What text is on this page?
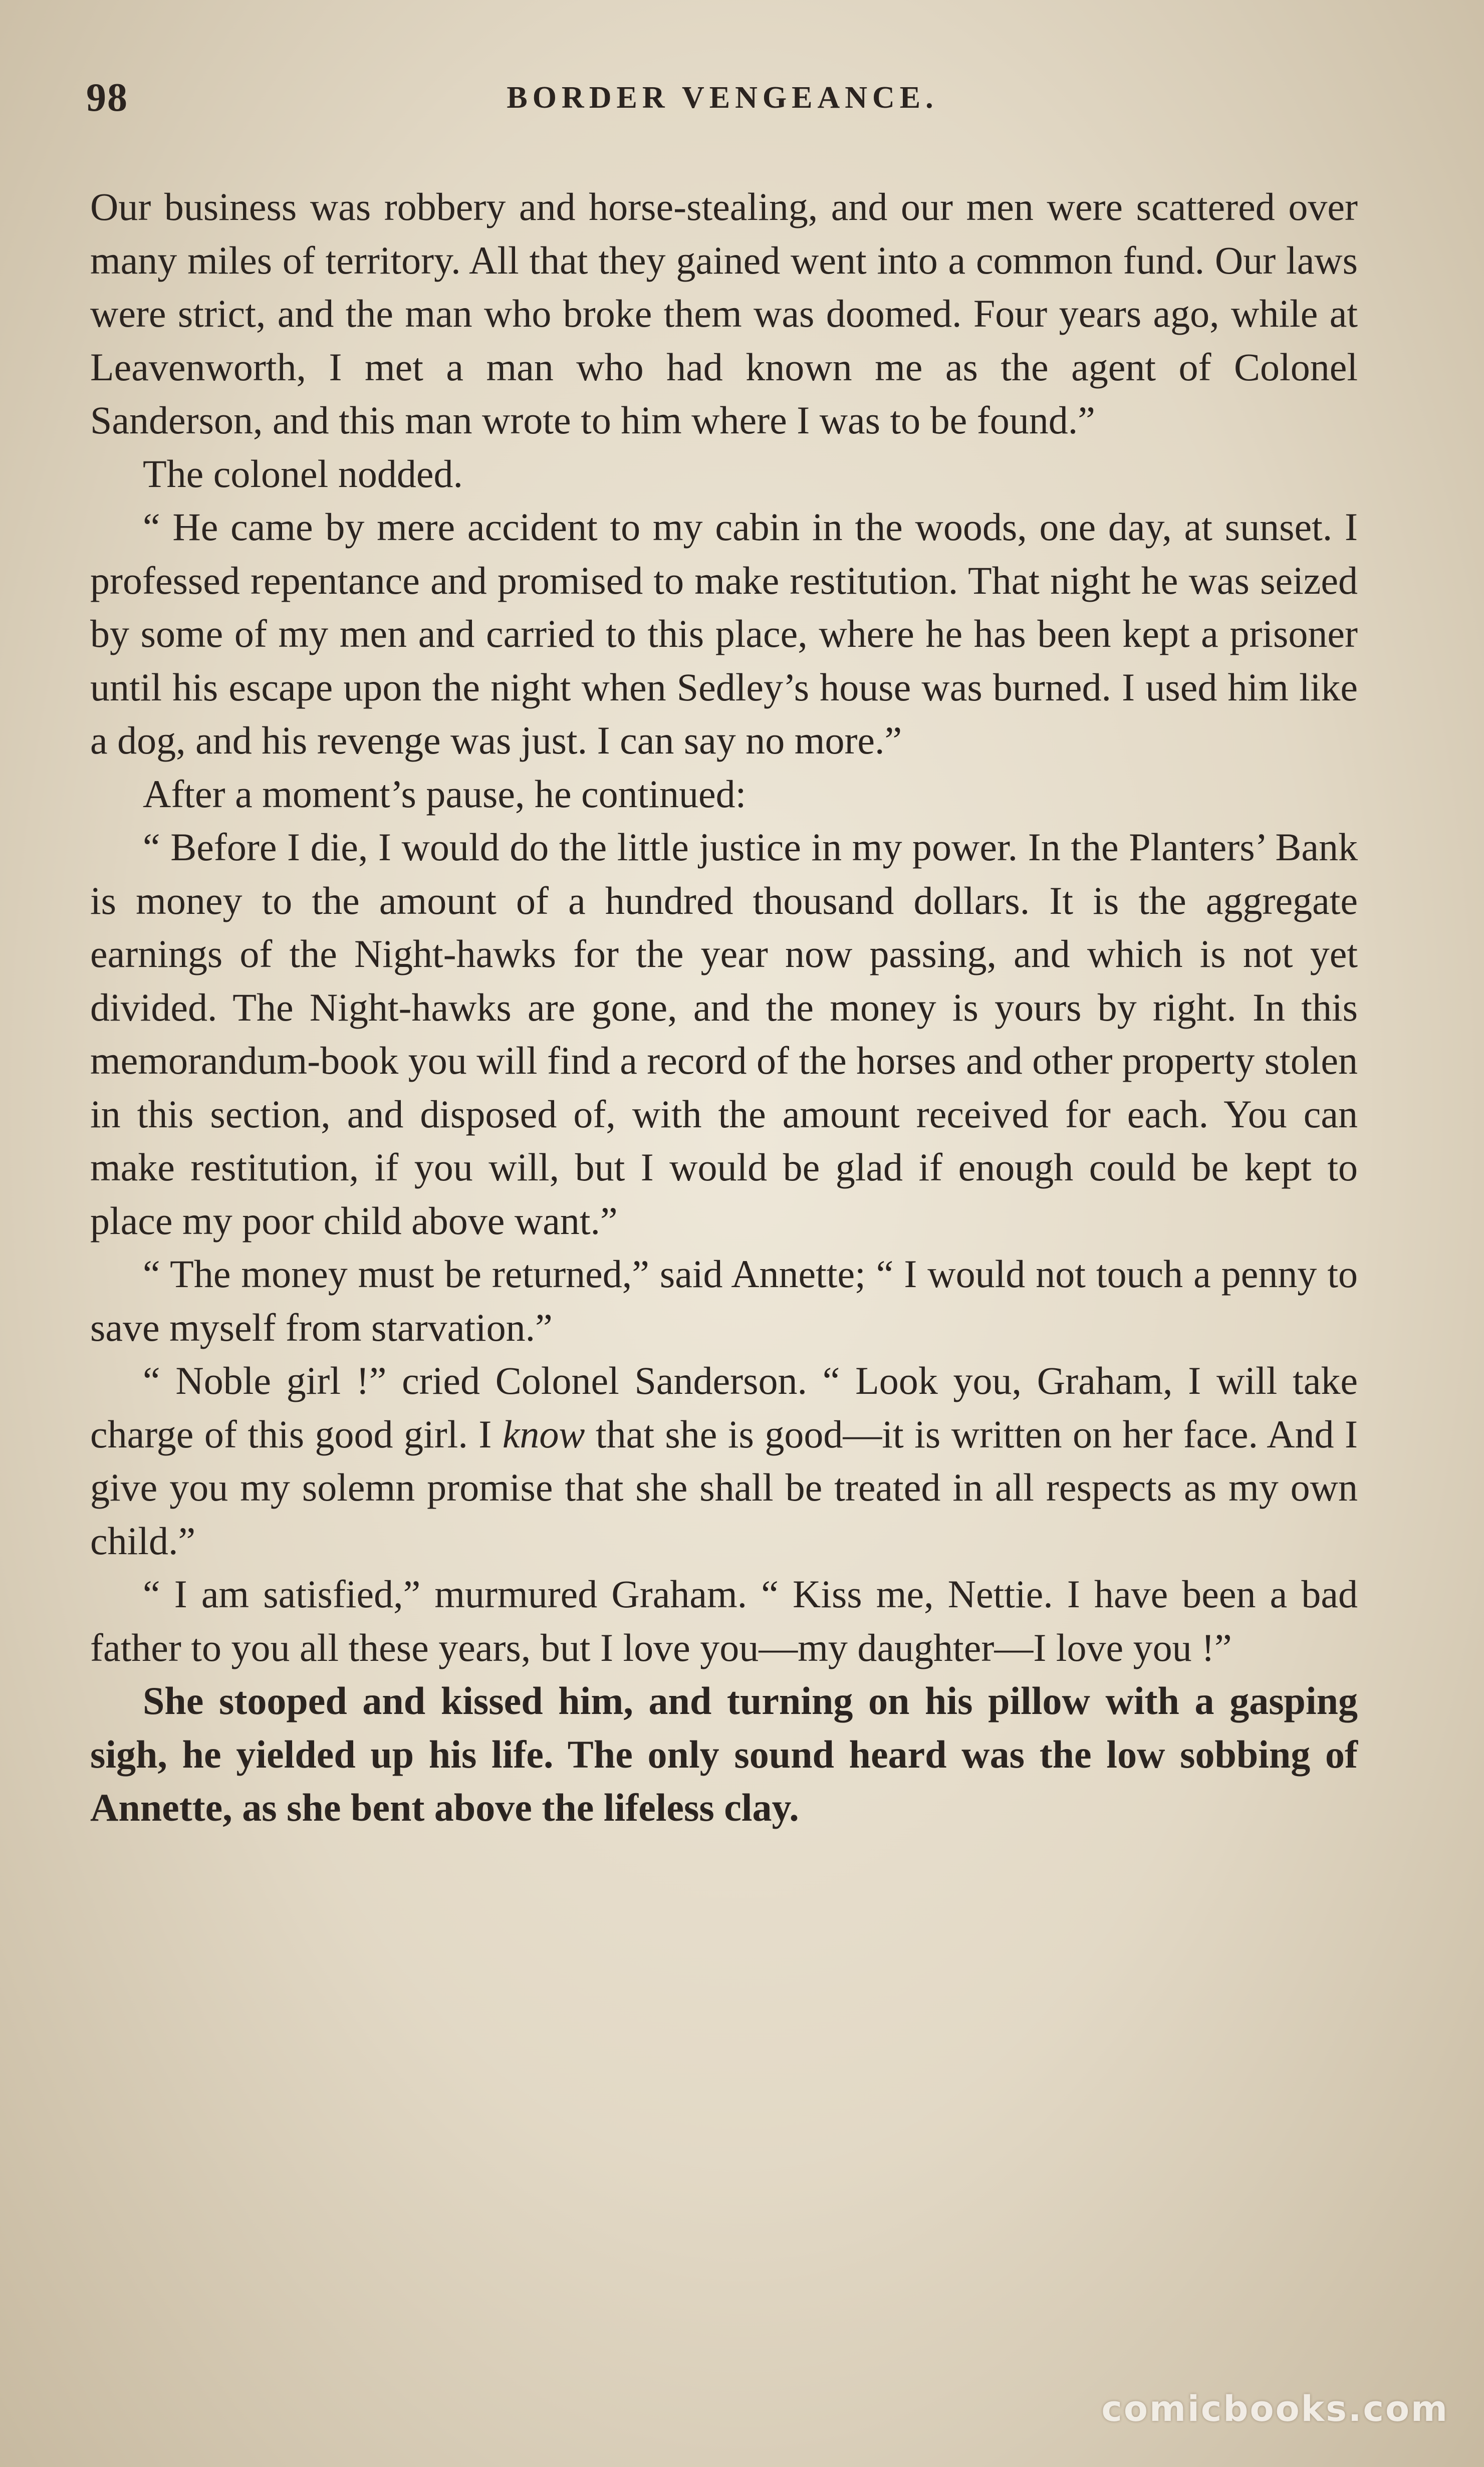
98	BORDER VENGEANCE.

Our business was robbery and horse-stealing, and our men were scattered over many miles of territory. All that they gained went into a common fund. Our laws were strict, and the man who broke them was doomed. Four years ago, while at Leavenworth, I met a man who had known me as the agent of Colonel Sanderson, and this man wrote to him where I was to be found.”

The colonel nodded.

“ He came by mere accident to my cabin in the woods, one day, at sunset. I professed repentance and promised to make restitution. That night he was seized by some of my men and carried to this place, where he has been kept a prisoner until his escape upon the night when Sedley’s house was burned. I used him like a dog, and his revenge was just. I can say no more.”

After a moment’s pause, he continued:

“ Before I die, I would do the little justice in my power. In the Planters’ Bank is money to the amount of a hundred thousand dollars. It is the aggregate earnings of the Night-hawks for the year now passing, and which is not yet divided. The Night-hawks are gone, and the money is yours by right. In this memorandum-book you will find a record of the horses and other property stolen in this section, and disposed of, with the amount received for each. You can make restitution, if you will, but I would be glad if enough could be kept to place my poor child above want.”

“ The money must be returned,” said Annette; “ I would not touch a penny to save myself from starvation.”

“ Noble girl !” cried Colonel Sanderson. “ Look you, Graham, I will take charge of this good girl. I know that she is good—it is written on her face. And I give you my solemn promise that she shall be treated in all respects as my own child.”

“ I am satisfied,” murmured Graham. “ Kiss me, Nettie. I have been a bad father to you all these years, but I love you—my daughter—I love you !”

She stooped and kissed him, and turning on his pillow with a gasping sigh, he yielded up his life. The only sound heard was the low sobbing of Annette, as she bent above the lifeless clay.

comicbooks.com
